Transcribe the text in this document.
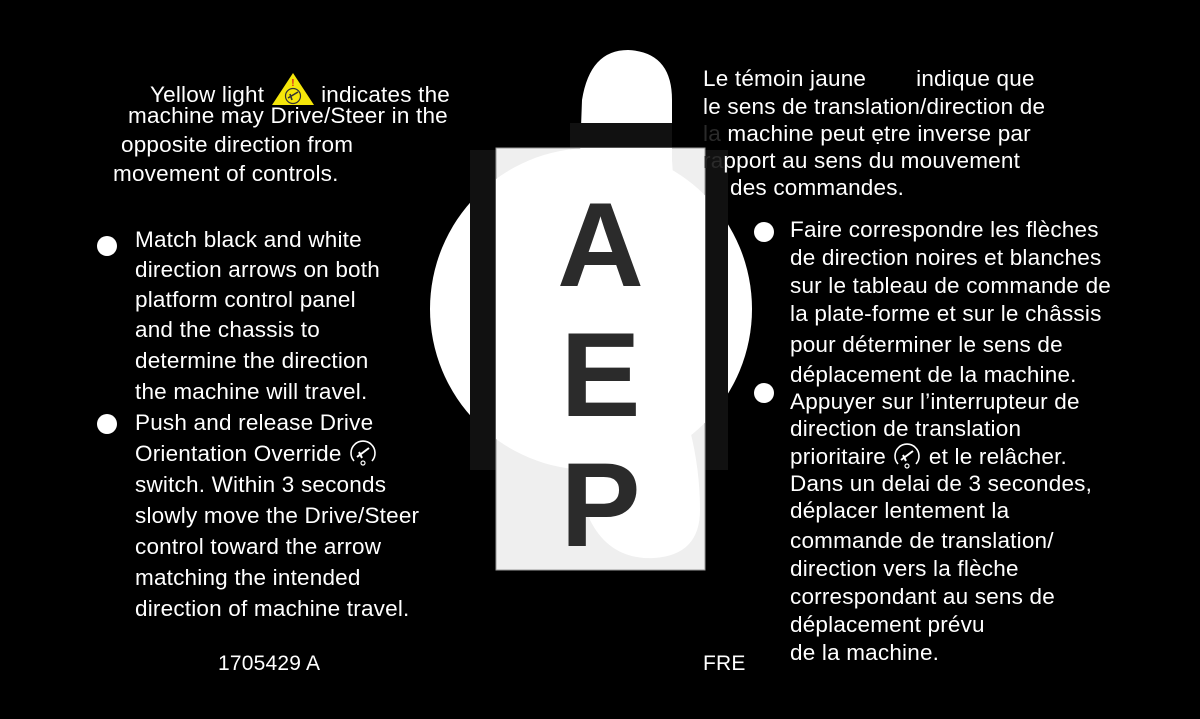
A
E
P
Yellow light	! indicates the
machine may Drive/Steer in the
opposite direction from
movement of controls.
Match black and white
direction arrows on both
platform control panel
and the chassis to
determine the direction
the machine will travel.
Push and release Drive
Orientation Override
switch. Within 3 seconds
slowly move the Drive/Steer
control toward the arrow
matching the intended
direction of machine travel.
1705429 A
Le témoin jaune indique que
le sens de translation/direction de
la machine peut ẹtre inverse par
rapport au sens du mouvement
des commandes.
Faire correspondre les flèches
de direction noires et blanches
sur le tableau de commande de
la plate-forme et sur le châssis
pour déterminer le sens de
déplacement de la machine.
Appuyer sur l’interrupteur de
direction de translation
prioritaire et le relâcher.
Dans un delai de 3 secondes,
déplacer lentement la
commande de translation/
direction vers la flèche
correspondant au sens de
déplacement prévu
de la machine.
FRE
